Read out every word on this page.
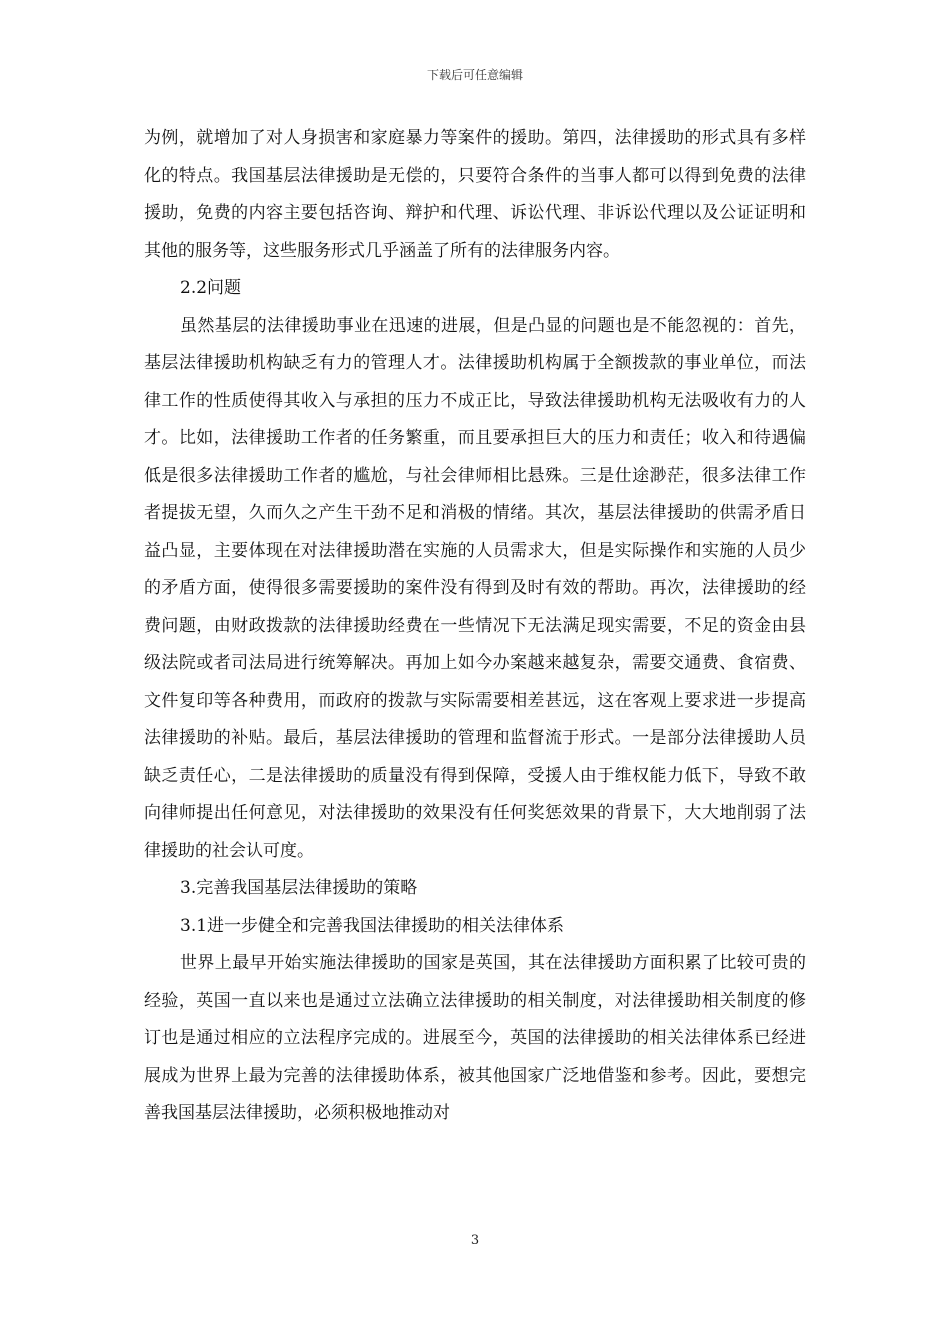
下载后可任意编辑

为例，就增加了对人身损害和家庭暴力等案件的援助。第四，法律援助的形式具有多样化的特点。我国基层法律援助是无偿的，只要符合条件的当事人都可以得到免费的法律援助，免费的内容主要包括咨询、辩护和代理、诉讼代理、非诉讼代理以及公证证明和其他的服务等，这些服务形式几乎涵盖了所有的法律服务内容。

2.2问题

虽然基层的法律援助事业在迅速的进展，但是凸显的问题也是不能忽视的：首先，基层法律援助机构缺乏有力的管理人才。法律援助机构属于全额拨款的事业单位，而法律工作的性质使得其收入与承担的压力不成正比，导致法律援助机构无法吸收有力的人才。比如，法律援助工作者的任务繁重，而且要承担巨大的压力和责任；收入和待遇偏低是很多法律援助工作者的尴尬，与社会律师相比悬殊。三是仕途渺茫，很多法律工作者提拔无望，久而久之产生干劲不足和消极的情绪。其次，基层法律援助的供需矛盾日益凸显，主要体现在对法律援助潜在实施的人员需求大，但是实际操作和实施的人员少的矛盾方面，使得很多需要援助的案件没有得到及时有效的帮助。再次，法律援助的经费问题，由财政拨款的法律援助经费在一些情况下无法满足现实需要，不足的资金由县级法院或者司法局进行统筹解决。再加上如今办案越来越复杂，需要交通费、食宿费、文件复印等各种费用，而政府的拨款与实际需要相差甚远，这在客观上要求进一步提高法律援助的补贴。最后，基层法律援助的管理和监督流于形式。一是部分法律援助人员缺乏责任心，二是法律援助的质量没有得到保障，受援人由于维权能力低下，导致不敢向律师提出任何意见，对法律援助的效果没有任何奖惩效果的背景下，大大地削弱了法律援助的社会认可度。

3.完善我国基层法律援助的策略

3.1进一步健全和完善我国法律援助的相关法律体系

世界上最早开始实施法律援助的国家是英国，其在法律援助方面积累了比较可贵的经验，英国一直以来也是通过立法确立法律援助的相关制度，对法律援助相关制度的修订也是通过相应的立法程序完成的。进展至今，英国的法律援助的相关法律体系已经进展成为世界上最为完善的法律援助体系，被其他国家广泛地借鉴和参考。因此，要想完善我国基层法律援助，必须积极地推动对

3
